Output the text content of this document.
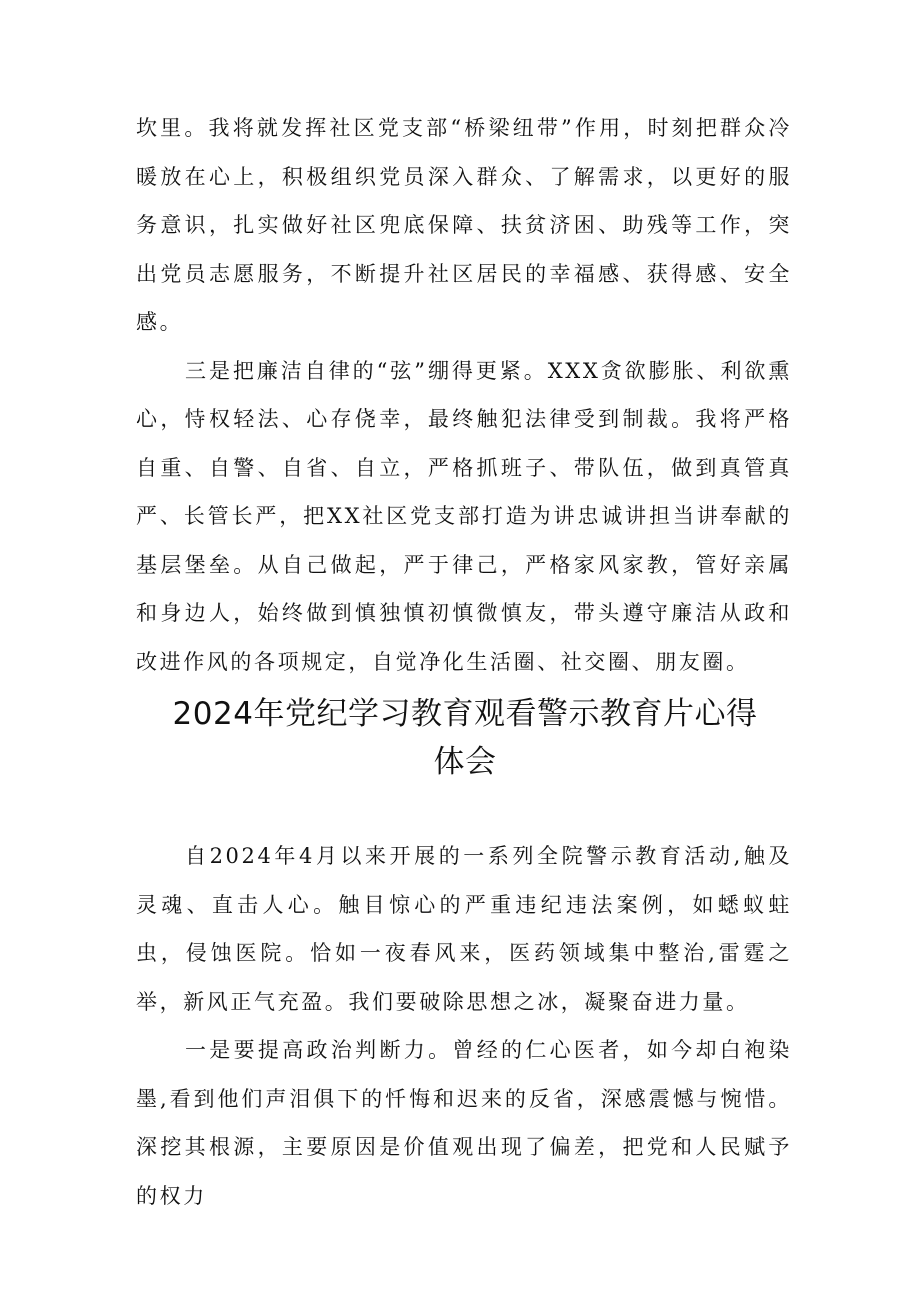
坎里。我将就发挥社区党支部“桥梁纽带”作用，时刻把群众冷暖放在心上，积极组织党员深入群众、了解需求，以更好的服务意识，扎实做好社区兜底保障、扶贫济困、助残等工作，突出党员志愿服务，不断提升社区居民的幸福感、获得感、安全感。

三是把廉洁自律的“弦”绷得更紧。XXX贪欲膨胀、利欲熏心，恃权轻法、心存侥幸，最终触犯法律受到制裁。我将严格自重、自警、自省、自立，严格抓班子、带队伍，做到真管真严、长管长严，把XX社区党支部打造为讲忠诚讲担当讲奉献的基层堡垒。从自己做起，严于律己，严格家风家教，管好亲属和身边人，始终做到慎独慎初慎微慎友，带头遵守廉洁从政和改进作风的各项规定，自觉净化生活圈、社交圈、朋友圈。

2024年党纪学习教育观看警示教育片心得
体会

自2024年4月以来开展的一系列全院警示教育活动,触及灵魂、直击人心。触目惊心的严重违纪违法案例，如蟋蚁蛀虫，侵蚀医院。恰如一夜春风来，医药领域集中整治,雷霆之举，新风正气充盈。我们要破除思想之冰，凝聚奋进力量。

一是要提高政治判断力。曾经的仁心医者，如今却白袍染墨,看到他们声泪俱下的忏悔和迟来的反省，深感震憾与惋惜。深挖其根源，主要原因是价值观出现了偏差，把党和人民赋予的权力
